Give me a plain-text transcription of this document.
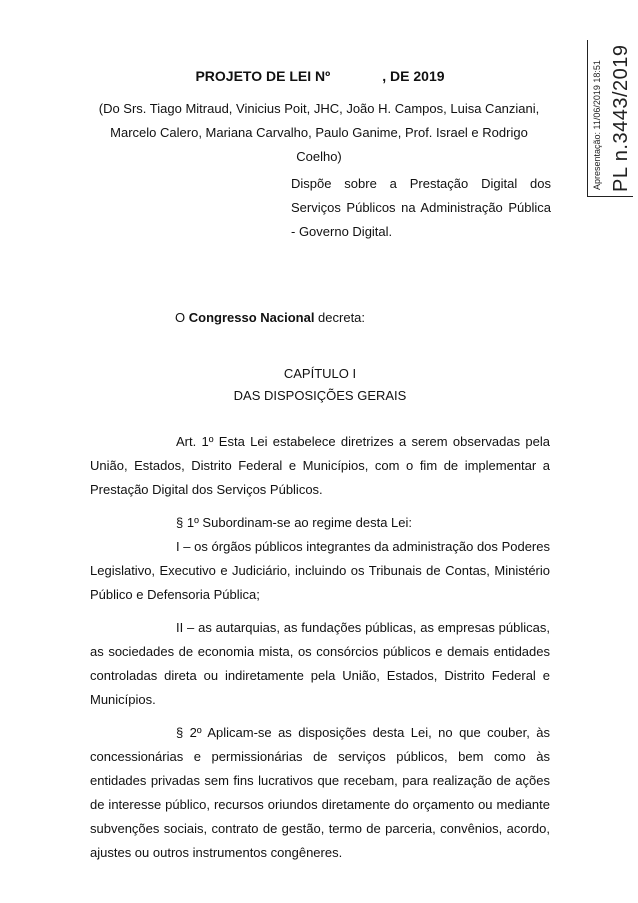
Apresentação: 11/06/2019 18:51 PL n.3443/2019
PROJETO DE LEI Nº	, DE 2019
(Do Srs. Tiago Mitraud, Vinicius Poit, JHC, João H. Campos, Luisa Canziani,
Marcelo Calero, Mariana Carvalho, Paulo Ganime, Prof. Israel e Rodrigo Coelho)
Dispõe sobre a Prestação Digital dos Serviços Públicos na Administração Pública - Governo Digital.
O Congresso Nacional decreta:
CAPÍTULO I
DAS DISPOSIÇÕES GERAIS

Art. 1º Esta Lei estabelece diretrizes a serem observadas pela União, Estados, Distrito Federal e Municípios, com o fim de implementar a Prestação Digital dos Serviços Públicos.

§ 1º Subordinam-se ao regime desta Lei:

I – os órgãos públicos integrantes da administração dos Poderes Legislativo, Executivo e Judiciário, incluindo os Tribunais de Contas, Ministério Público e Defensoria Pública;

II – as autarquias, as fundações públicas, as empresas públicas, as sociedades de economia mista, os consórcios públicos e demais entidades controladas direta ou indiretamente pela União, Estados, Distrito Federal e Municípios.

§ 2º Aplicam-se as disposições desta Lei, no que couber, às concessionárias e permissionárias de serviços públicos, bem como às entidades privadas sem fins lucrativos que recebam, para realização de ações de interesse público, recursos oriundos diretamente do orçamento ou mediante subvenções sociais, contrato de gestão, termo de parceria, convênios, acordo, ajustes ou outros instrumentos congêneres.
